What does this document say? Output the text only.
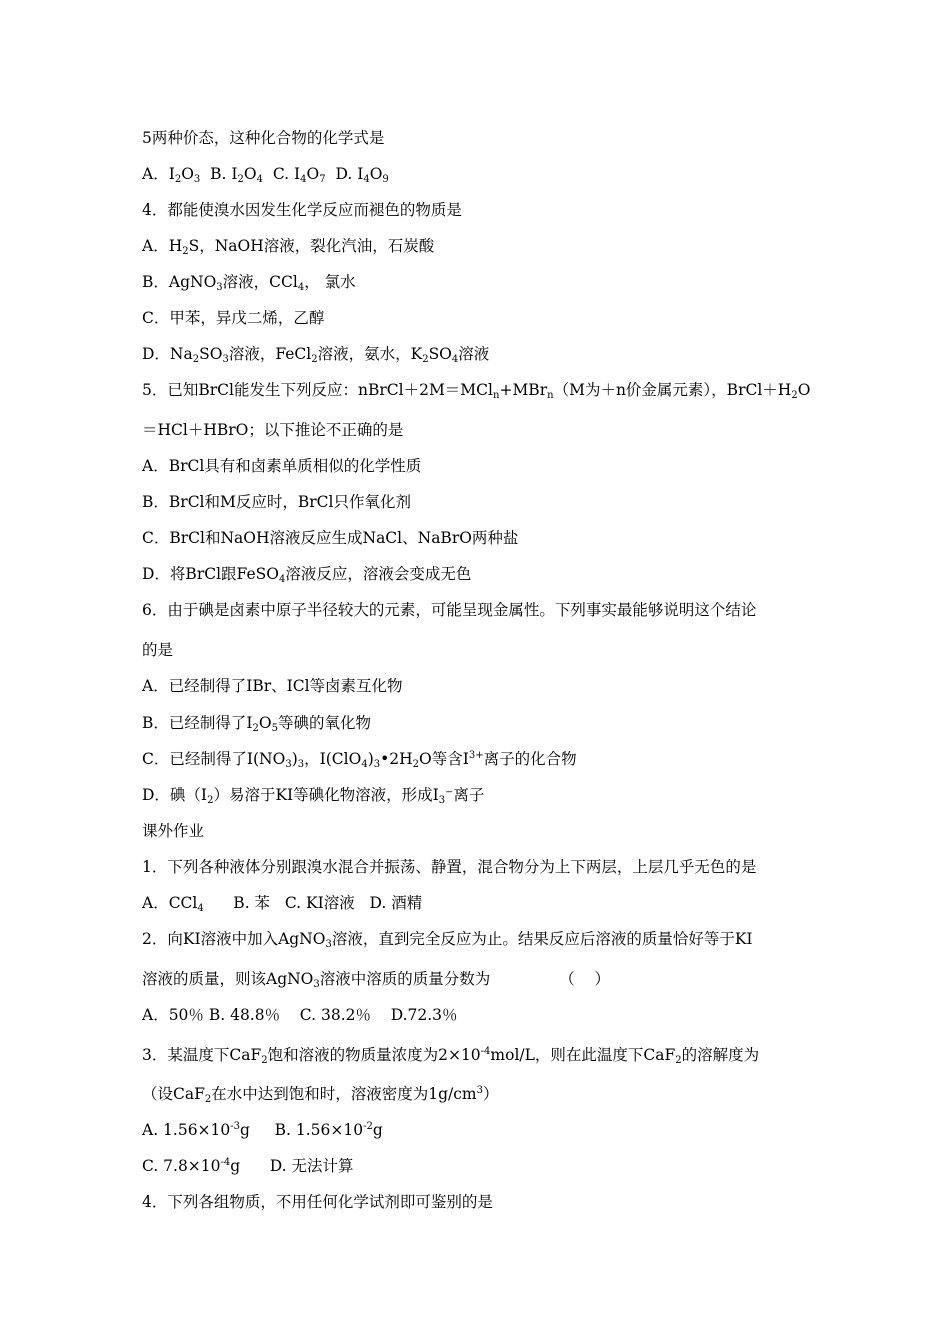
5两种价态，这种化合物的化学式是
A．$I_2O_3$  B. $I_2O_4$  C. $I_4O_7$  D. $I_4O_9$
4．都能使溴水因发生化学反应而褪色的物质是
A．$H_2S$，NaOH溶液，裂化汽油，石炭酸
B．AgNO$_3$溶液，CCl$_4$， 氯水
C．甲苯，异戊二烯，乙醇
D．$Na_2SO_3$溶液，FeCl$_2$溶液，氨水，$K_2SO_4$溶液
5．已知BrCl能发生下列反应：nBrCl＋2M＝MCl$_n$+MBr$_n$（M为＋n价金属元素），$BrCl+H_2O$
＝HCl＋HBrO；以下推论不正确的是
A．BrCl具有和卤素单质相似的化学性质
B．BrCl和M反应时，BrCl只作氧化剂
C．BrCl和NaOH溶液反应生成NaCl、NaBrO两种盐
D．将BrCl跟FeSO$_4$溶液反应，溶液会变成无色
6．由于碘是卤素中原子半径较大的元素，可能呈现金属性。下列事实最能够说明这个结论
的是
A．已经制得了IBr、ICl等卤素互化物
B．已经制得了$I_2O_5$等碘的氧化物
C．已经制得了$I(NO_3)_3$，$I(ClO_4)_3•2H_2O$等含$I^{3+}$离子的化合物
D．碘$(I_2)$易溶于KI等碘化物溶液，形成$I_3^-$离子
课外作业
1．下列各种液体分别跟溴水混合并振荡、静置，混合物分为上下两层，上层几乎无色的是
A．CCl$_4$      B. 苯   C. KI溶液   D. 酒精
2．向KI溶液中加入AgNO$_3$溶液，直到完全反应为止。结果反应后溶液的质量恰好等于KI
溶液的质量，则该AgNO$_3$溶液中溶质的质量分数为              （    ）
A．50％ B. 48.8％    C. 38.2％    D.72.3％
3．某温度下CaF$_2$饱和溶液的物质量浓度为$2\times 10^{-4}mol/L$，则在此温度下CaF$_2$的溶解度为
（设CaF$_2$在水中达到饱和时，溶液密度为$1g/cm^3$）
A. $1.56\times 10^{-3}g$     B. $1.56\times 10^{-2}g$
C. $7.8\times 10^{-4}g$      D. 无法计算
4．下列各组物质，不用任何化学试剂即可鉴别的是
